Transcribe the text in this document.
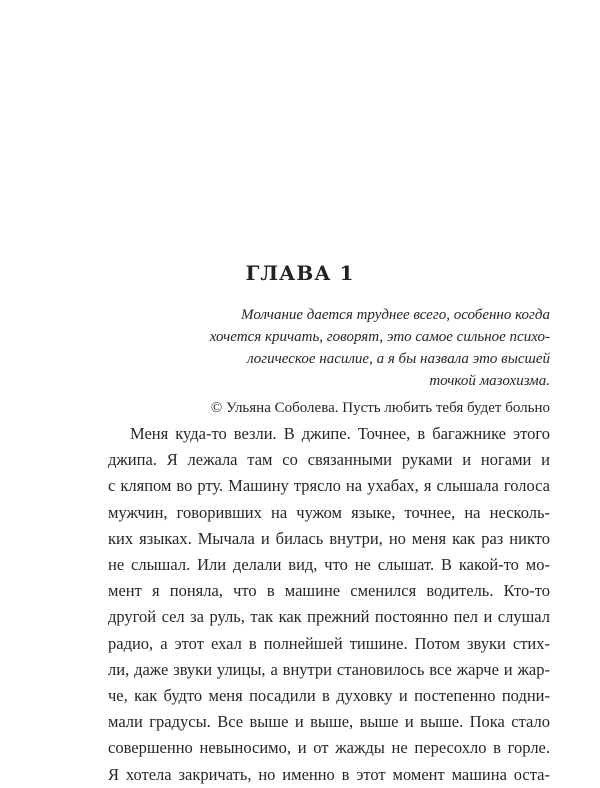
ГЛАВА 1
Молчание дается труднее всего, особенно когда
хочется кричать, говорят, это самое сильное психо-
логическое насилие, а я бы назвала это высшей
точкой мазохизма.
© Ульяна Соболева. Пусть любить тебя будет больно
Меня куда-то везли. В джипе. Точнее, в багажнике этого
джипа. Я лежала там со связанными руками и ногами и
с кляпом во рту. Машину трясло на ухабах, я слышала голоса
мужчин, говоривших на чужом языке, точнее, на несколь-
ких языках. Мычала и билась внутри, но меня как раз никто
не слышал. Или делали вид, что не слышат. В какой-то мо-
мент я поняла, что в машине сменился водитель. Кто-то
другой сел за руль, так как прежний постоянно пел и слушал
радио, а этот ехал в полнейшей тишине. Потом звуки стих-
ли, даже звуки улицы, а внутри становилось все жарче и жар-
че, как будто меня посадили в духовку и постепенно подни-
мали градусы. Все выше и выше, выше и выше. Пока стало
совершенно невыносимо, и от жажды не пересохло в горле.
Я хотела закричать, но именно в этот момент машина оста-
